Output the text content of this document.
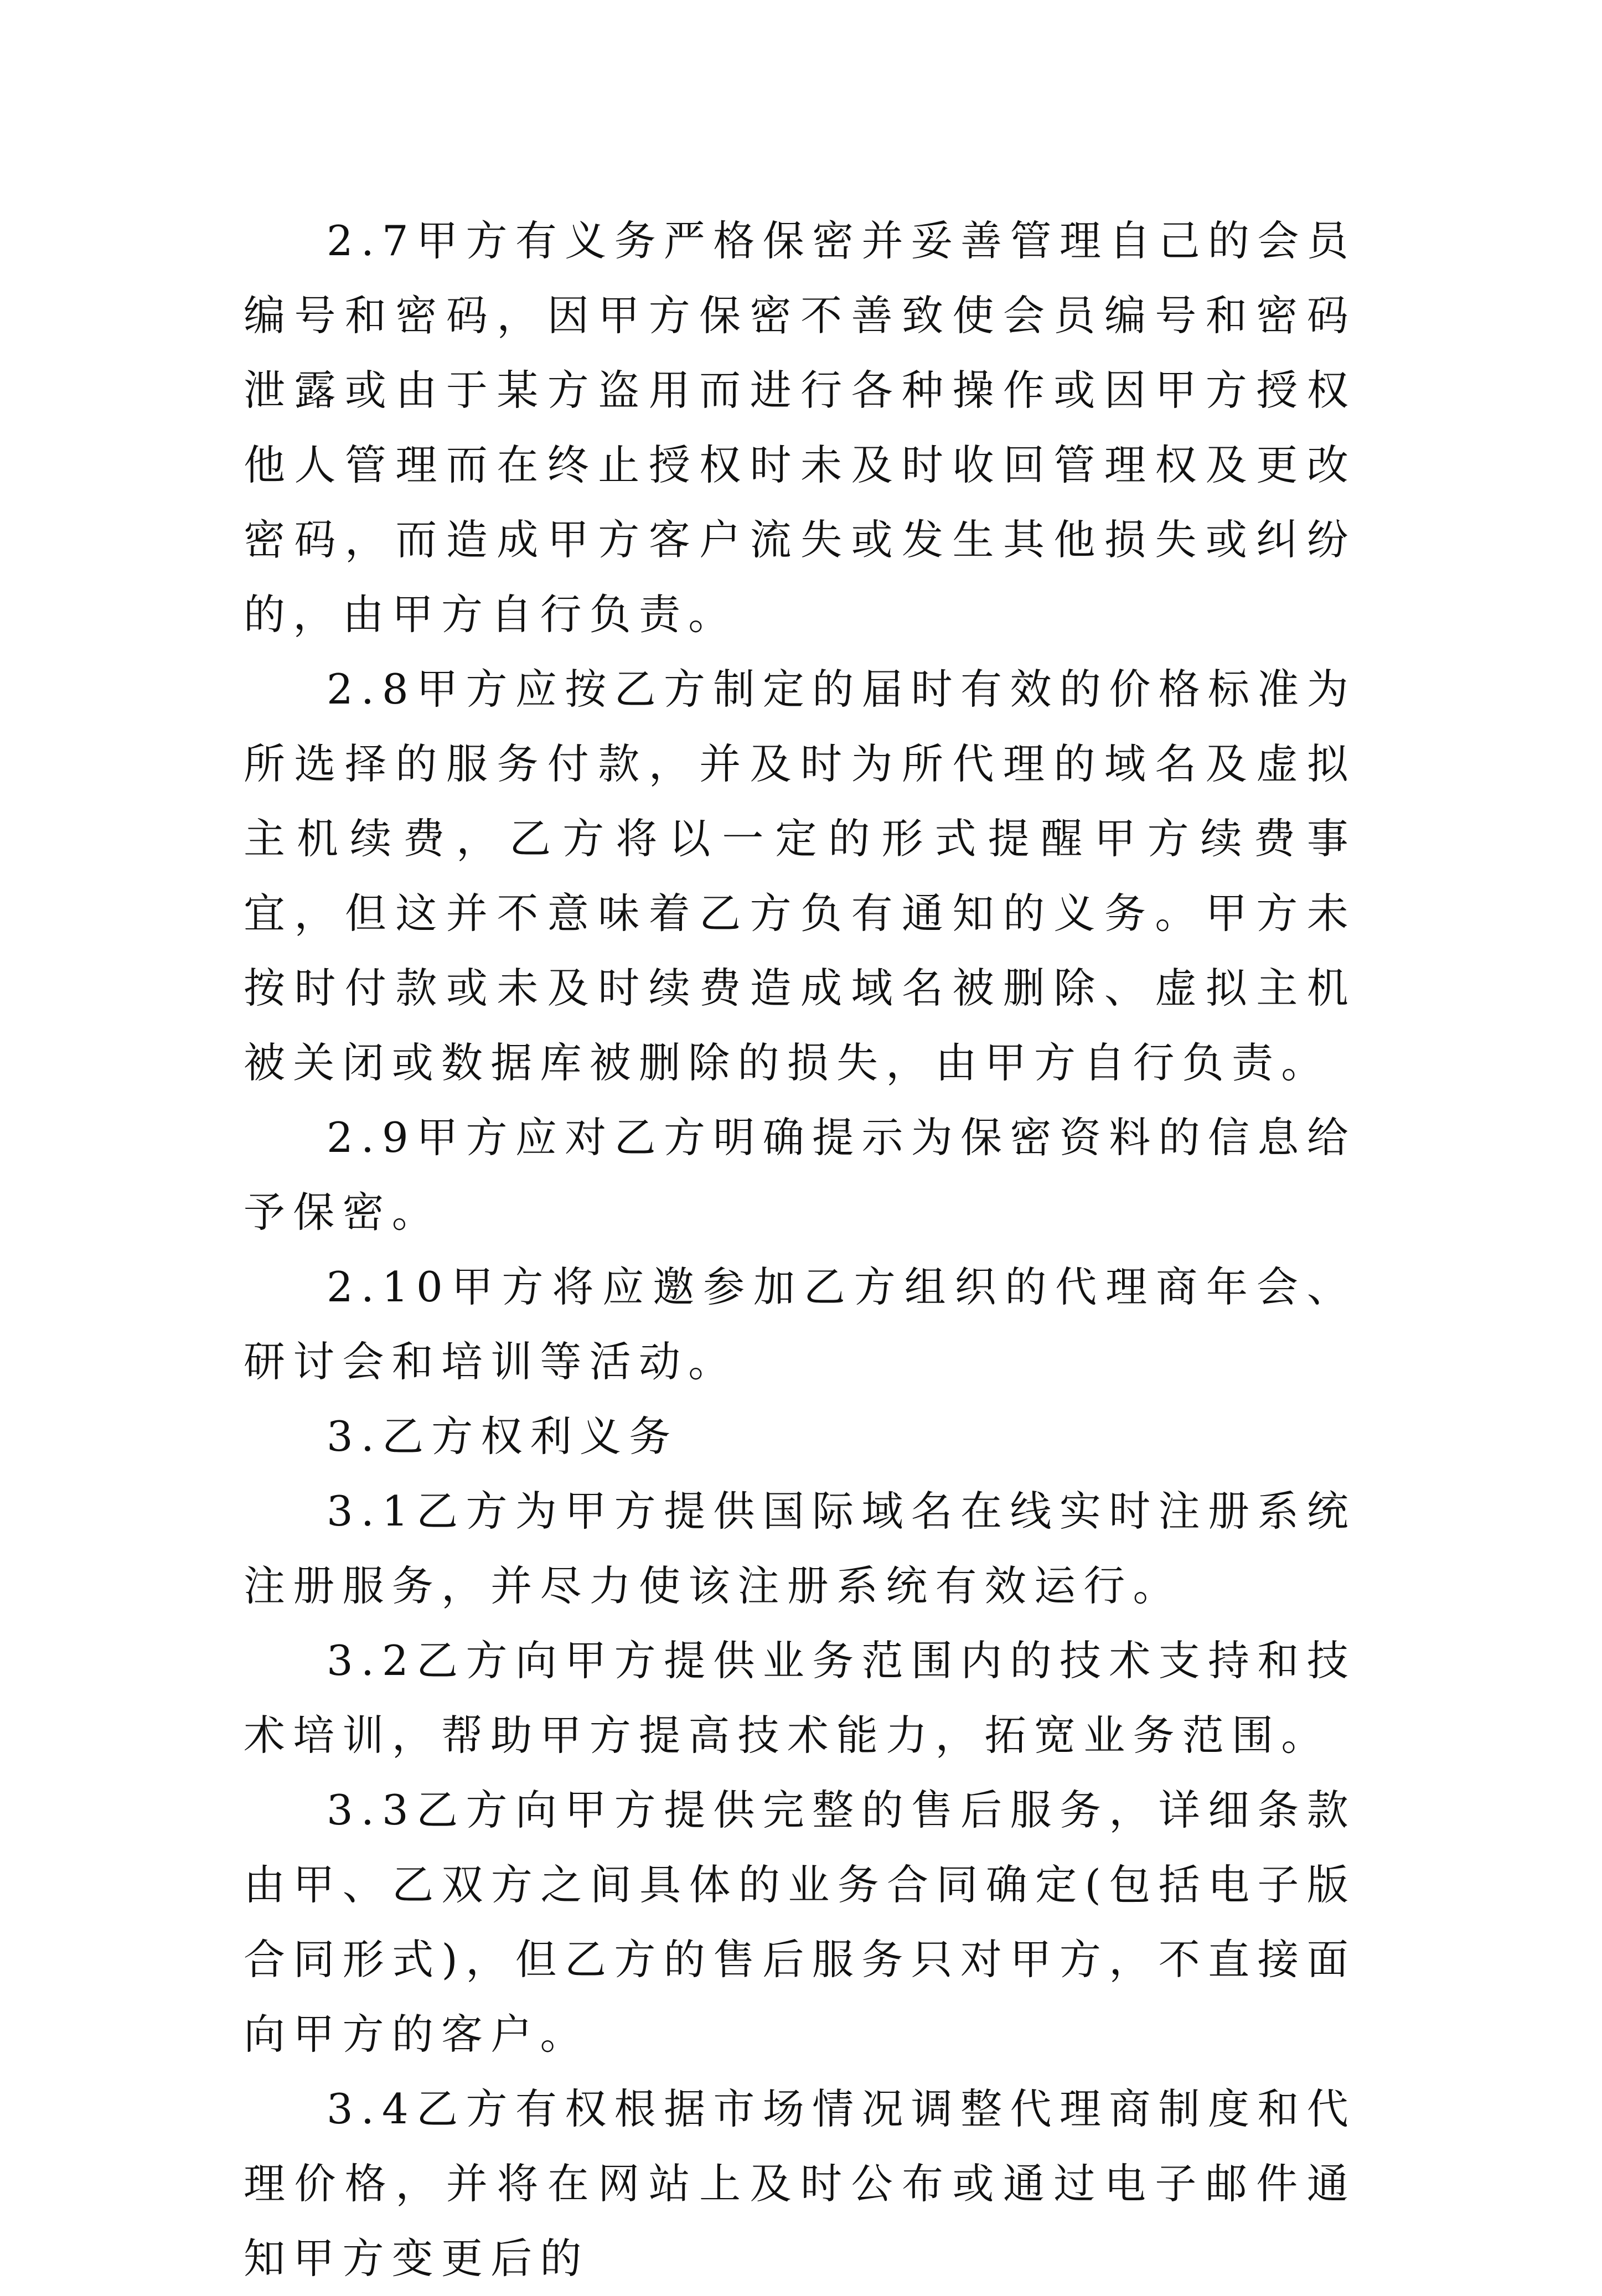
2.7甲方有义务严格保密并妥善管理自己的会员编号和密码，因甲方保密不善致使会员编号和密码泄露或由于某方盗用而进行各种操作或因甲方授权他人管理而在终止授权时未及时收回管理权及更改密码，而造成甲方客户流失或发生其他损失或纠纷的，由甲方自行负责。

2.8甲方应按乙方制定的届时有效的价格标准为所选择的服务付款，并及时为所代理的域名及虚拟主机续费，乙方将以一定的形式提醒甲方续费事宜，但这并不意味着乙方负有通知的义务。甲方未按时付款或未及时续费造成域名被删除、虚拟主机被关闭或数据库被删除的损失，由甲方自行负责。

2.9甲方应对乙方明确提示为保密资料的信息给予保密。

2.10甲方将应邀参加乙方组织的代理商年会、研讨会和培训等活动。

3.乙方权利义务

3.1乙方为甲方提供国际域名在线实时注册系统注册服务，并尽力使该注册系统有效运行。

3.2乙方向甲方提供业务范围内的技术支持和技术培训，帮助甲方提高技术能力，拓宽业务范围。

3.3乙方向甲方提供完整的售后服务，详细条款由甲、乙双方之间具体的业务合同确定(包括电子版合同形式)，但乙方的售后服务只对甲方，不直接面向甲方的客户。

3.4乙方有权根据市场情况调整代理商制度和代理价格，并将在网站上及时公布或通过电子邮件通知甲方变更后的
